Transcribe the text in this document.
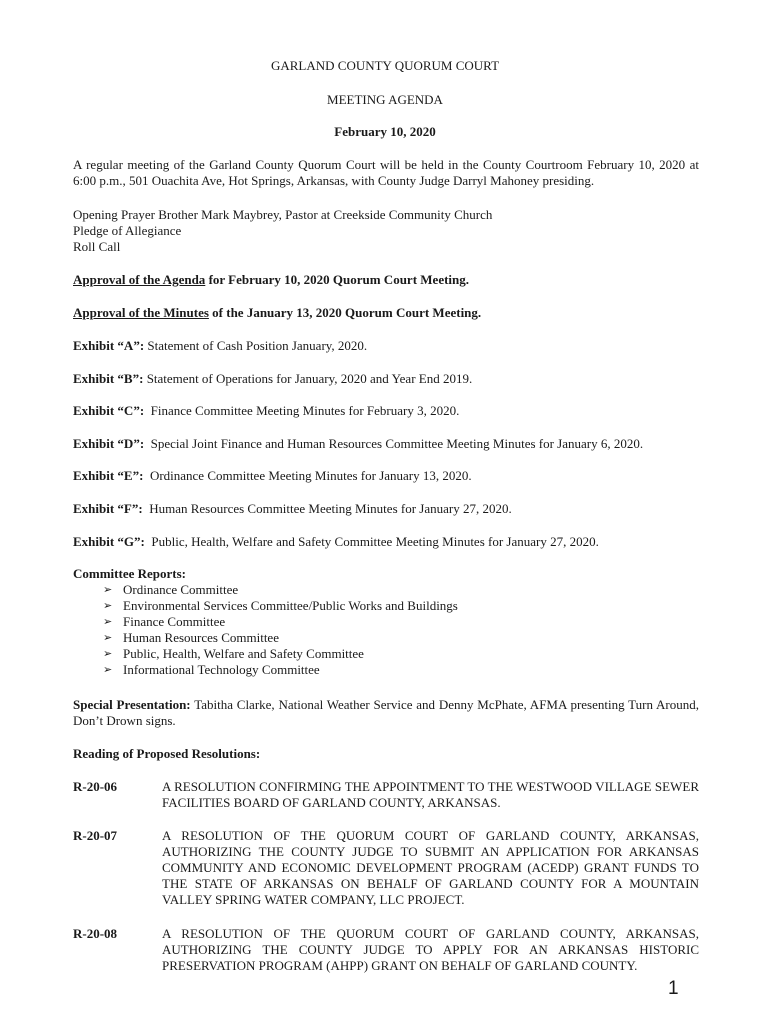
GARLAND COUNTY QUORUM COURT
MEETING AGENDA
February 10, 2020
A regular meeting of the Garland County Quorum Court will be held in the County Courtroom February 10, 2020 at 6:00 p.m., 501 Ouachita Ave, Hot Springs, Arkansas, with County Judge Darryl Mahoney presiding.
Opening Prayer Brother Mark Maybrey, Pastor at Creekside Community Church
Pledge of Allegiance
Roll Call
Approval of the Agenda for February 10, 2020 Quorum Court Meeting.
Approval of the Minutes of the January 13, 2020 Quorum Court Meeting.
Exhibit “A”: Statement of Cash Position January, 2020.
Exhibit “B”: Statement of Operations for January, 2020 and Year End 2019.
Exhibit “C”:  Finance Committee Meeting Minutes for February 3, 2020.
Exhibit “D”:  Special Joint Finance and Human Resources Committee Meeting Minutes for January 6, 2020.
Exhibit “E”:  Ordinance Committee Meeting Minutes for January 13, 2020.
Exhibit “F”:  Human Resources Committee Meeting Minutes for January 27, 2020.
Exhibit “G”:  Public, Health, Welfare and Safety Committee Meeting Minutes for January 27, 2020.
Committee Reports:
➢ Ordinance Committee
➢ Environmental Services Committee/Public Works and Buildings
➢ Finance Committee
➢ Human Resources Committee
➢ Public, Health, Welfare and Safety Committee
➢ Informational Technology Committee
Special Presentation: Tabitha Clarke, National Weather Service and Denny McPhate, AFMA presenting Turn Around, Don’t Drown signs.
Reading of Proposed Resolutions:
R-20-06	A RESOLUTION CONFIRMING THE APPOINTMENT TO THE WESTWOOD VILLAGE SEWER FACILITIES BOARD OF GARLAND COUNTY, ARKANSAS.
R-20-07	A RESOLUTION OF THE QUORUM COURT OF GARLAND COUNTY, ARKANSAS, AUTHORIZING THE COUNTY JUDGE TO SUBMIT AN APPLICATION FOR ARKANSAS COMMUNITY AND ECONOMIC DEVELOPMENT PROGRAM (ACEDP) GRANT FUNDS TO THE STATE OF ARKANSAS ON BEHALF OF GARLAND COUNTY FOR A MOUNTAIN VALLEY SPRING WATER COMPANY, LLC PROJECT.
R-20-08	A RESOLUTION OF THE QUORUM COURT OF GARLAND COUNTY, ARKANSAS, AUTHORIZING THE COUNTY JUDGE TO APPLY FOR AN ARKANSAS HISTORIC PRESERVATION PROGRAM (AHPP) GRANT ON BEHALF OF GARLAND COUNTY.
1
